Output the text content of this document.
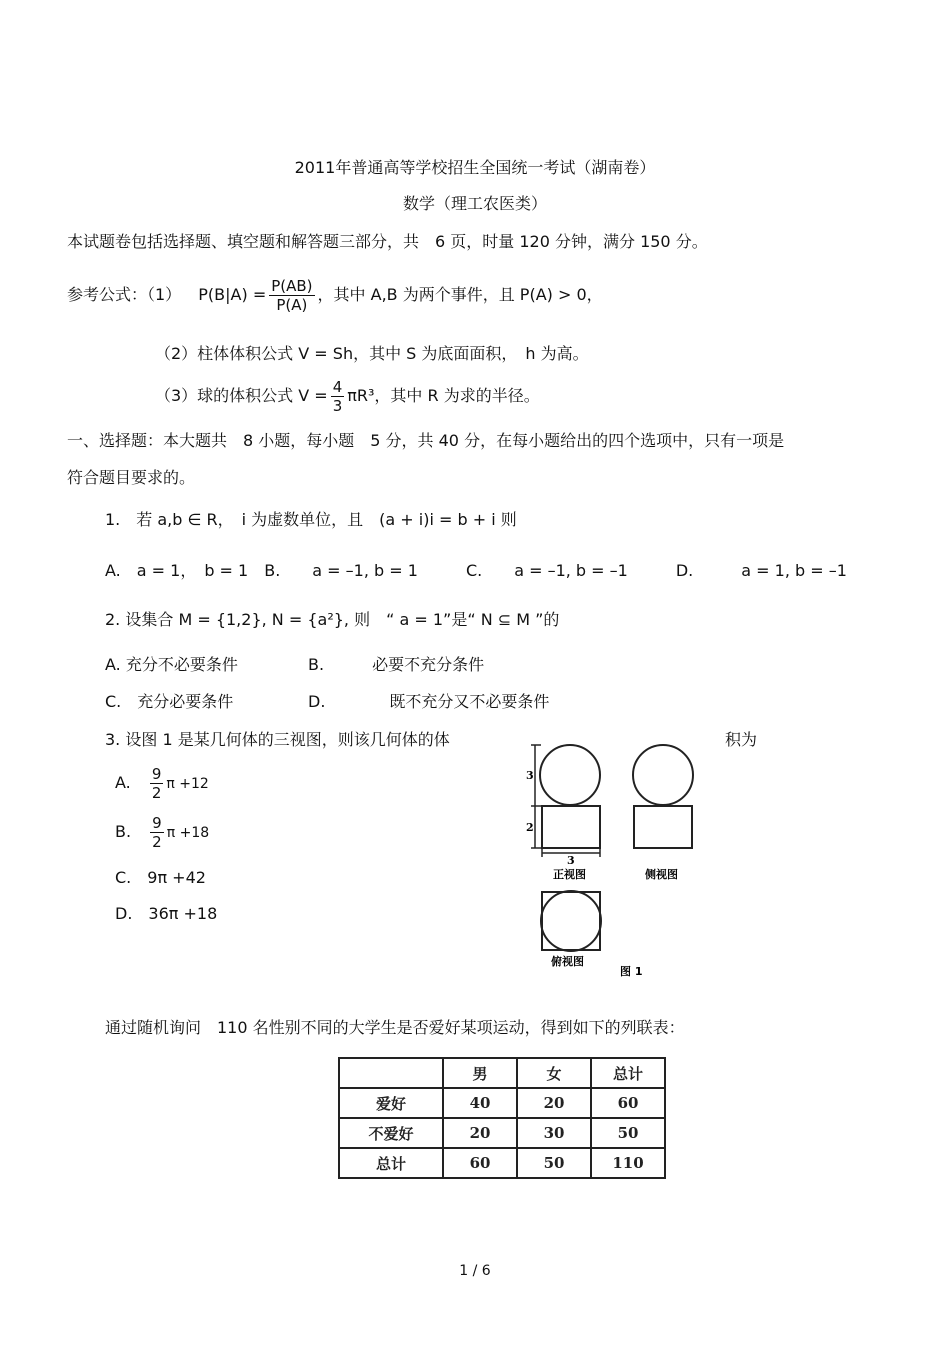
2011年普通高等学校招生全国统一考试（湖南卷）
数学（理工农医类）
本试题卷包括选择题、填空题和解答题三部分，共　6 页，时量 120 分钟，满分 150 分。
参考公式：（1） $P(B|A) = \frac{P(AB)}{P(A)}$ ，其中 A,B 为两个事件，且 P(A) > 0，
（2）柱体体积公式 V = Sh，其中 S 为底面面积，　h 为高。
（3）球的体积公式 $V = \frac{4}{3} \pi R^3$，其中 R 为求的半径。
一、选择题：本大题共　8 小题，每小题　5 分，共 40 分，在每小题给出的四个选项中，只有一项是
符合题目要求的。
1.　若 a,b ∈ R，　i 为虚数单位，且　(a + i)i = b + i 则
A.　a = 1，　b = 1　B.　　a = –1, b = 1　　　C.　　a = –1, b = –1　　　D.　　　a = 1, b = –1
2. 设集合 M = {1,2}, N = {a²}, 则　“ a = 1”是“ N ⊆ M ”的
A. 充分不必要条件	B.　　　必要不充分条件
C.　充分必要条件	D.　　　　既不充分又不必要条件
3. 设图 1 是某几何体的三视图，则该几何体的体	积为
A. $\frac{9}{2}$ π +12
B. $\frac{9}{2}$ π +18
C.　9π +42
D.　36π +18
3
2
3
正视图	侧视图
俯视图
图 1
通过随机询问　110 名性别不同的大学生是否爱好某项运动，得到如下的列联表：
	男	女	总计
爱好	40	20	60
不爱好	20	30	50
总计	60	50	110
1 / 6
